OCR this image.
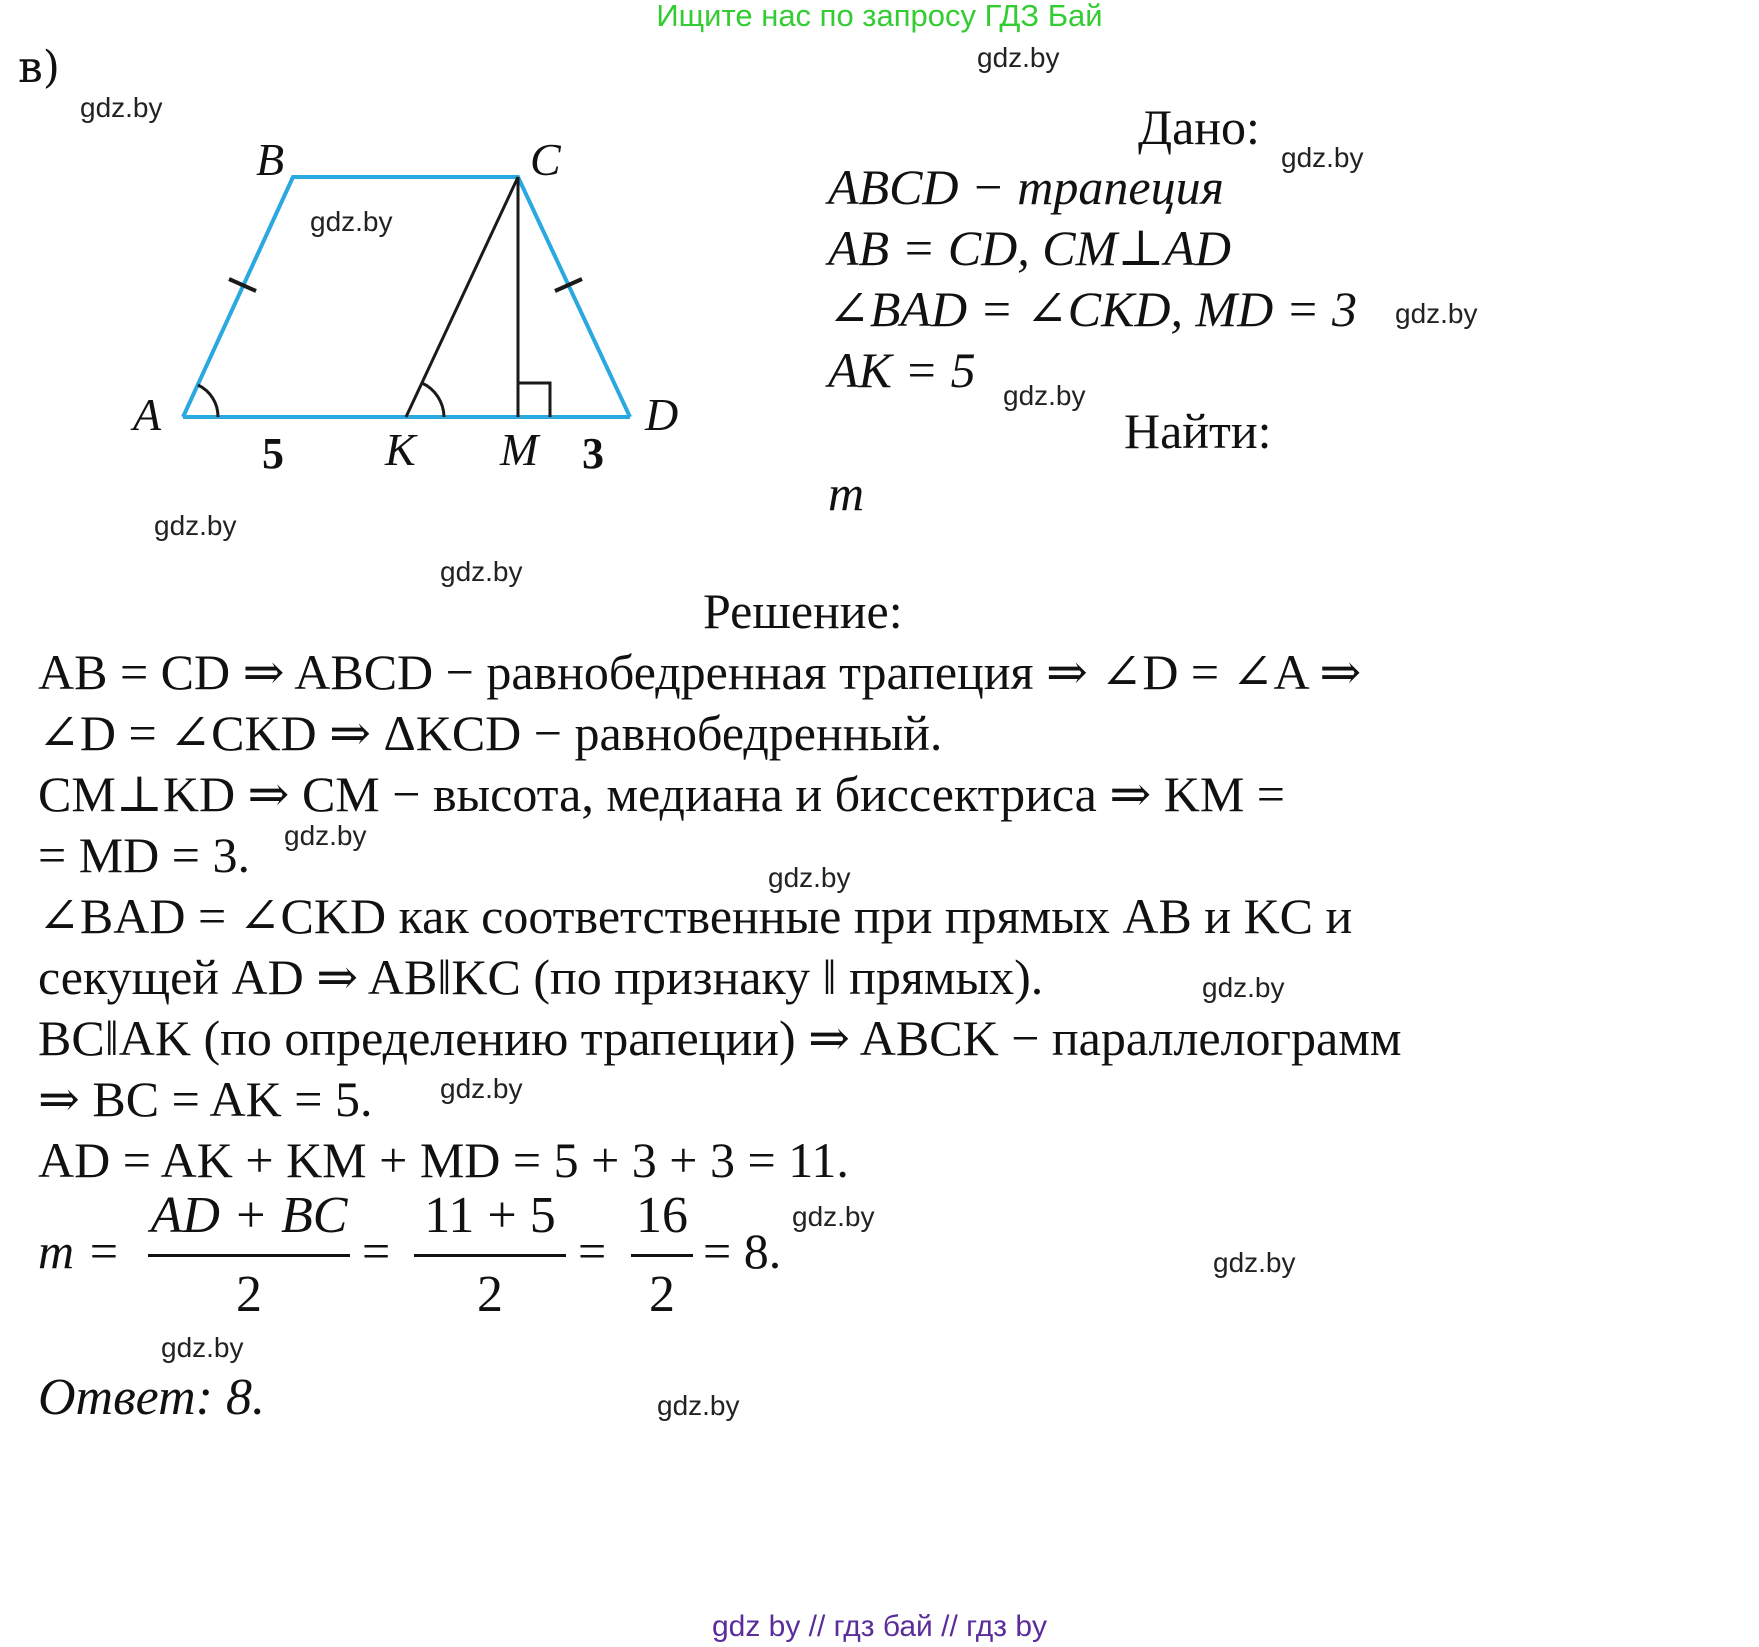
Ищите нас по запросу ГДЗ Бай
в)	gdz.by
gdz.by
gdz.by
gdz.by
gdz.by
gdz.by
gdz.by
gdz.by
gdz.by
gdz.by
gdz.by
gdz.by
gdz.by
gdz.by
gdz.by
gdz.by
A
B	C
D
K M
5	3
Дано:
ABCD − трапеция
AB = CD, CM⊥AD
∠BAD = ∠CKD, MD = 3
AK = 5
Найти:
m
Решение:
AB = CD ⇒ ABCD − равнобедренная трапеция ⇒ ∠D = ∠A ⇒
∠D = ∠CKD ⇒ ΔKCD − равнобедренный.
CM⊥KD ⇒ CM − высота, медиана и биссектриса ⇒ KM =
= MD = 3.
∠BAD = ∠CKD как соответственные при прямых AB и KC и
секущей AD ⇒ AB‖KC (по признаку ‖ прямых).
BC‖AK (по определению трапеции) ⇒ ABCK − параллелограмм
⇒ BC = AK = 5.
AD = AK + KM + MD = 5 + 3 + 3 = 11.
m =
AD + BC
2
=
11 + 5
2
=
16
2
= 8.
Ответ: 8.
gdz by // гдз бай // гдз by
